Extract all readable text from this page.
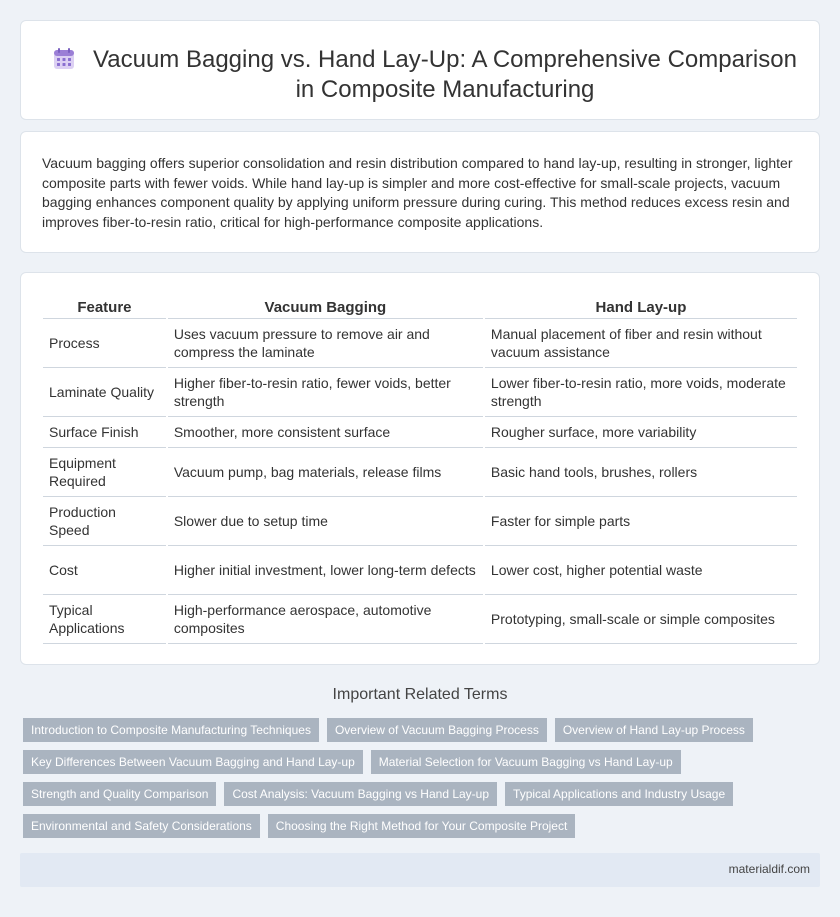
Vacuum Bagging vs. Hand Lay-Up: A Comprehensive Comparison in Composite Manufacturing

Vacuum bagging offers superior consolidation and resin distribution compared to hand lay-up, resulting in stronger, lighter composite parts with fewer voids. While hand lay-up is simpler and more cost-effective for small-scale projects, vacuum bagging enhances component quality by applying uniform pressure during curing. This method reduces excess resin and improves fiber-to-resin ratio, critical for high-performance composite applications.

Feature	Vacuum Bagging	Hand Lay-up
Process	Uses vacuum pressure to remove air and compress the laminate	Manual placement of fiber and resin without vacuum assistance
Laminate Quality	Higher fiber-to-resin ratio, fewer voids, better strength	Lower fiber-to-resin ratio, more voids, moderate strength
Surface Finish	Smoother, more consistent surface	Rougher surface, more variability
Equipment Required	Vacuum pump, bag materials, release films	Basic hand tools, brushes, rollers
Production Speed	Slower due to setup time	Faster for simple parts
Cost	Higher initial investment, lower long-term defects	Lower cost, higher potential waste
Typical Applications	High-performance aerospace, automotive composites	Prototyping, small-scale or simple composites
Important Related Terms
Introduction to Composite Manufacturing Techniques	Overview of Vacuum Bagging Process	Overview of Hand Lay-up Process
Key Differences Between Vacuum Bagging and Hand Lay-up	Material Selection for Vacuum Bagging vs Hand Lay-up
Strength and Quality Comparison	Cost Analysis: Vacuum Bagging vs Hand Lay-up	Typical Applications and Industry Usage
Environmental and Safety Considerations	Choosing the Right Method for Your Composite Project
materialdif.com
